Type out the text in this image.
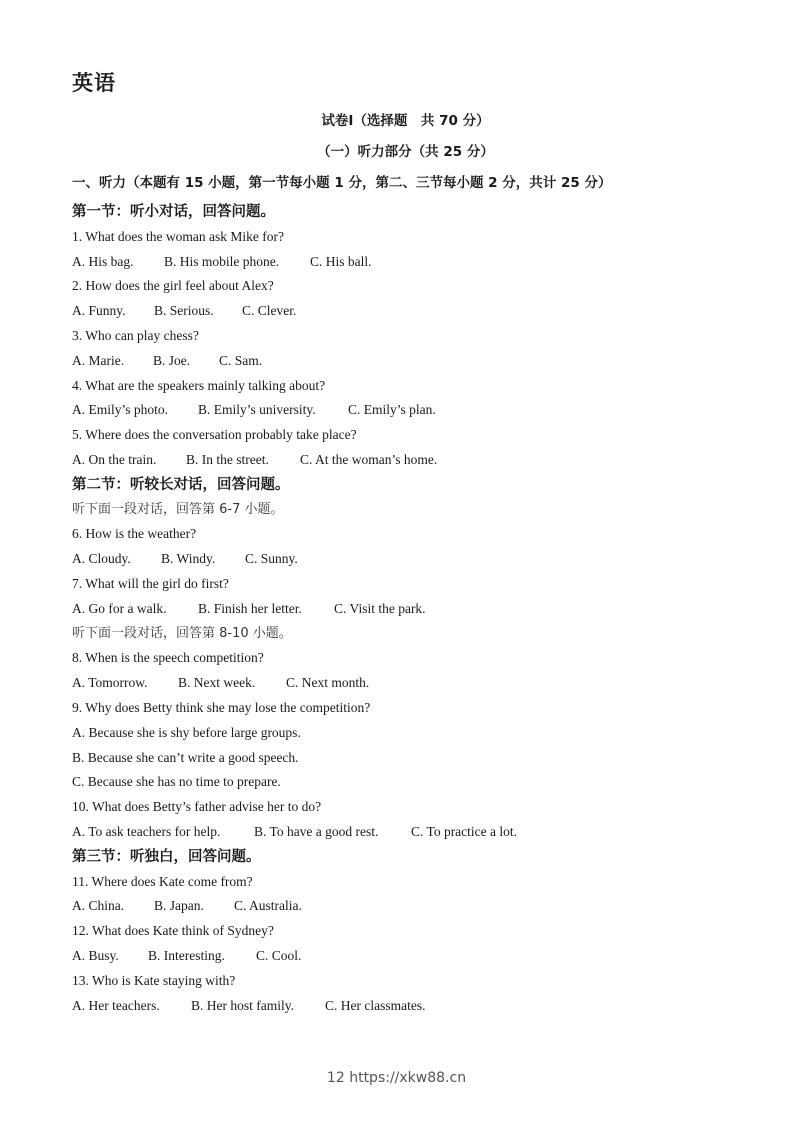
英语
试卷Ⅰ（选择题　共 70 分）
（一）听力部分（共 25 分）
一、听力（本题有 15 小题，第一节每小题 1 分，第二、三节每小题 2 分，共计 25 分）
第一节：听小对话，回答问题。
1. What does the woman ask Mike for?
A. His bag. B. His mobile phone. C. His ball.
2. How does the girl feel about Alex?
A. Funny. B. Serious. C. Clever.
3. Who can play chess?
A. Marie. B. Joe. C. Sam.
4. What are the speakers mainly talking about?
A. Emily’s photo. B. Emily’s university. C. Emily’s plan.
5. Where does the conversation probably take place?
A. On the train. B. In the street. C. At the woman’s home.
第二节：听较长对话，回答问题。
听下面一段对话，回答第 6-7 小题。
6. How is the weather?
A. Cloudy. B. Windy. C. Sunny.
7. What will the girl do first?
A. Go for a walk. B. Finish her letter. C. Visit the park.
听下面一段对话，回答第 8-10 小题。
8. When is the speech competition?
A. Tomorrow. B. Next week. C. Next month.
9. Why does Betty think she may lose the competition?
A. Because she is shy before large groups.
B. Because she can’t write a good speech.
C. Because she has no time to prepare.
10. What does Betty’s father advise her to do?
A. To ask teachers for help. B. To have a good rest. C. To practice a lot.
第三节：听独白，回答问题。
11. Where does Kate come from?
A. China. B. Japan. C. Australia.
12. What does Kate think of Sydney?
A. Busy. B. Interesting. C. Cool.
13. Who is Kate staying with?
A. Her teachers. B. Her host family. C. Her classmates.
12 https://xkw88.cn
